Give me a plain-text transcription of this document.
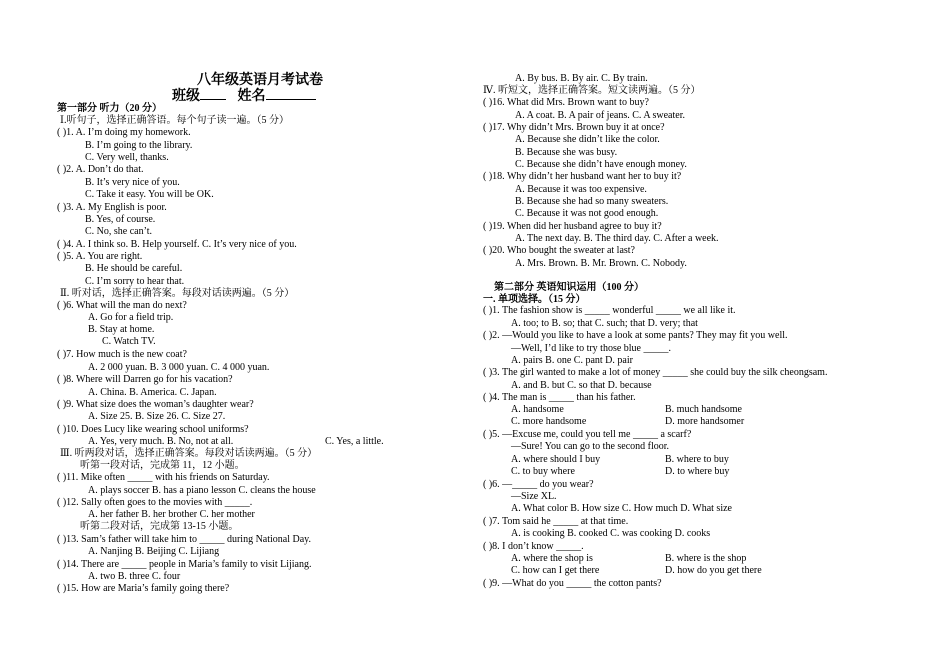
八年级英语月考试卷
班级	姓名
第一部分 听力（20 分）
Ⅰ.听句子，选择正确答语。每个句子读一遍。（5 分）
( )1. A. I’m doing my homework.
B. I’m going to the library.
C. Very well, thanks.
( )2. A. Don’t do that.
B. It’s very nice of you.
C. Take it easy. You will be OK.
( )3. A. My English is poor.
B. Yes, of course.
C. No, she can’t.
( )4. A. I think so. B. Help yourself. C. It’s very nice of you.
( )5. A. You are right.
B. He should be careful.
C. I’m sorry to hear that.
Ⅱ. 听对话，选择正确答案。每段对话读两遍。（5 分）
( )6. What will the man do next?
A. Go for a field trip.
B. Stay at home.
C. Watch TV.
( )7. How much is the new coat?
A. 2 000 yuan. B. 3 000 yuan. C. 4 000 yuan.
( )8. Where will Darren go for his vacation?
A. China. B. America. C. Japan.
( )9. What size does the woman’s daughter wear?
A. Size 25. B. Size 26. C. Size 27.
( )10. Does Lucy like wearing school uniforms?
A. Yes, very much. B. No, not at all.	C. Yes, a little.
Ⅲ. 听两段对话，选择正确答案。每段对话读两遍。（5 分）
听第一段对话，完成第 11，12 小题。
( )11. Mike often _____ with his friends on Saturday.
A. plays soccer B. has a piano lesson C. cleans the house
( )12. Sally often goes to the movies with _____.
A. her father B. her brother C. her mother
听第二段对话，完成第 13-15 小题。
( )13. Sam’s father will take him to _____ during National Day.
A. Nanjing B. Beijing C. Lijiang
( )14. There are _____ people in Maria’s family to visit Lijiang.
A. two B. three C. four
( )15. How are Maria’s family going there?
A. By bus. B. By air. C. By train.
Ⅳ. 听短文，选择正确答案。短文读两遍。（5 分）
( )16. What did Mrs. Brown want to buy?
A. A coat. B. A pair of jeans. C. A sweater.
( )17. Why didn’t Mrs. Brown buy it at once?
A. Because she didn’t like the color.
B. Because she was busy.
C. Because she didn’t have enough money.
( )18. Why didn’t her husband want her to buy it?
A. Because it was too expensive.
B. Because she had so many sweaters.
C. Because it was not good enough.
( )19. When did her husband agree to buy it?
A. The next day. B. The third day. C. After a week.
( )20. Who bought the sweater at last?
A. Mrs. Brown. B. Mr. Brown. C. Nobody.
第二部分 英语知识运用（100 分）
一. 单项选择。（15 分）
( )1. The fashion show is _____ wonderful _____ we all like it.
A. too; to B. so; that C. such; that D. very; that
( )2. —Would you like to have a look at some pants? They may fit you well.
—Well, I’d like to try those blue _____.
A. pairs B. one C. pant D. pair
( )3. The girl wanted to make a lot of money _____ she could buy the silk cheongsam.
A. and B. but C. so that D. because
( )4. The man is _____ than his father.
A. handsome	B. much handsome
C. more handsome	D. more handsomer
( )5. —Excuse me, could you tell me _____ a scarf?
—Sure! You can go to the second floor.
A. where should I buy	B. where to buy
C. to buy where	D. to where buy
( )6. —_____ do you wear?
—Size XL.
A. What color B. How size C. How much D. What size
( )7. Tom said he _____ at that time.
A. is cooking B. cooked C. was cooking D. cooks
( )8. I don’t know _____.
A. where the shop is	B. where is the shop
C. how can I get there	D. how do you get there
( )9. —What do you _____ the cotton pants?
